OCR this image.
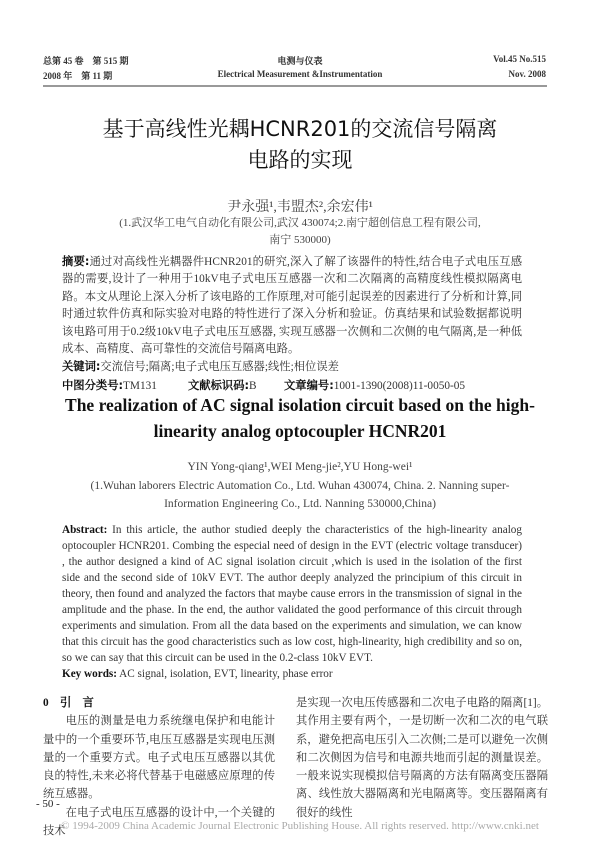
总第 45 卷　第 515 期
2008 年　第 11 期
电测与仪表
Electrical Measurement &Instrumentation
Vol.45 No.515
Nov. 2008
基于高线性光耦HCNR201的交流信号隔离
电路的实现
尹永强¹,韦盟杰²,余宏伟¹
(1.武汉华工电气自动化有限公司,武汉 430074;2.南宁超创信息工程有限公司,
南宁 530000)
摘要:通过对高线性光耦器件HCNR201的研究,深入了解了该器件的特性,结合电子式电压互感器的需要,设计了一种用于10kV电子式电压互感器一次和二次隔离的高精度线性模拟隔离电路。本文从理论上深入分析了该电路的工作原理,对可能引起误差的因素进行了分析和计算,同时通过软件仿真和际实验对电路的特性进行了深入分析和验证。仿真结果和试验数据都说明该电路可用于0.2级10kV电子式电压互感器, 实现互感器一次侧和二次侧的电气隔离,是一种低成本、高精度、高可靠性的交流信号隔离电路。
关键词:交流信号;隔离;电子式电压互感器;线性;相位误差
中图分类号:TM131	文献标识码:B	文章编号:1001-1390(2008)11-0050-05
The realization of AC signal isolation circuit based on the high-
linearity analog optocoupler HCNR201
YIN Yong-qiang¹,WEI Meng-jie²,YU Hong-wei¹
(1.Wuhan laborers Electric Automation Co., Ltd. Wuhan 430074, China. 2. Nanning super-
Information Engineering Co., Ltd. Nanning 530000,China)
Abstract: In this article, the author studied deeply the characteristics of the high-linearity analog optocoupler HCNR201. Combing the especial need of design in the EVT (electric voltage transducer) , the author designed a kind of AC signal isolation circuit ,which is used in the isolation of the first side and the second side of 10kV EVT. The author deeply analyzed the principium of this circuit in theory, then found and analyzed the factors that maybe cause errors in the transmission of signal in the amplitude and the phase. In the end, the author validated the good performance of this circuit through experiments and simulation. From all the data based on the experiments and simulation, we can know that this circuit has the good characteristics such as low cost, high-linearity, high credibility and so on, so we can say that this circuit can be used in the 0.2-class 10kV EVT.
Key words: AC signal, isolation, EVT, linearity, phase error
0　引　言
电压的测量是电力系统继电保护和电能计量中的一个重要环节,电压互感器是实现电压测量的一个重要方式。电子式电压互感器以其优良的特性,未来必将代替基于电磁感应原理的传统互感器。
在电子式电压互感器的设计中,一个关键的技术
是实现一次电压传感器和二次电子电路的隔离[1]。其作用主要有两个，一是切断一次和二次的电气联系，避免把高电压引入二次侧;二是可以避免一次侧和二次侧因为信号和电源共地而引起的测量误差。一般来说实现模拟信号隔离的方法有隔离变压器隔离、线性放大器隔离和光电隔离等。变压器隔离有很好的线性
- 50 -
© 1994-2009 China Academic Journal Electronic Publishing House. All rights reserved. http://www.cnki.net
